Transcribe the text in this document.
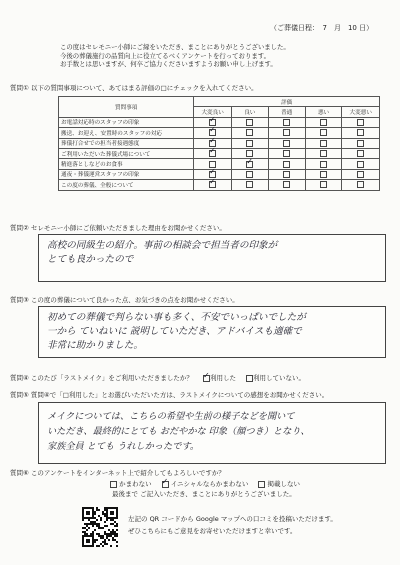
（ご葬儀日程：　7　月　10 日）
この度はセレモニー小師にご縁をいただき、まことにありがとうございました。
今後の葬儀施行の品質向上に役立てるべくアンケートを行っております。
お手数とは思いますが、何卒ご協力くださいますようお願い申し上げます。
質問① 以下の質問事項について、あてはまる評価の□にチェックを入れてください。
質問事項	評価				
	大変良い	良い	普通	悪い	大変悪い
お電話対応時のスタッフの印象	✓				

搬送、お迎え、安置時のスタッフの対応	✓				

葬儀打合せでの担当者接遇態度	✓				

ご利用いただいた葬儀式場について	✓				

精進落としなどのお食事		✓			

通夜・葬儀運営スタッフの印象	✓				

この度の葬儀、全般について	✓				

質問② セレモニー小師にご依頼いただきました理由をお聞かせください。
高校の同級生の紹介。事前の相談会で担当者の印象が
とても良かったので
質問③ この度の葬儀について良かった点、お気づきの点をお聞かせください。
初めての葬儀で判らない事も多く、不安でいっぱいでしたが
一から ていねいに 説明していただき、アドバイスも適確で
非常に助かりました。
質問④ このたび「ラストメイク」をご利用いただきましたか？ ✓ 利用した	利用していない。
質問⑤ 質問④で「□利用した」とお選びいただいた方は、ラストメイクについての感想をお聞かせください。
メイクについては、こちらの希望や生前の様子などを聞いて
いただき、最終的にとても おだやかな 印象（顔つき）となり、
家族全員 とても うれしかったです。
質問⑥ このアンケートをインターネット上で紹介してもよろしいですか？
かまわない ✓ イニシャルならかまわない	掲載しない
最後まで ご記入いただき、まことにありがとうございました。
左記の QR コードから Google マップへの口コミを投稿いただけます。
ぜひこちらにもご意見をお寄せいただけますと幸いです。
